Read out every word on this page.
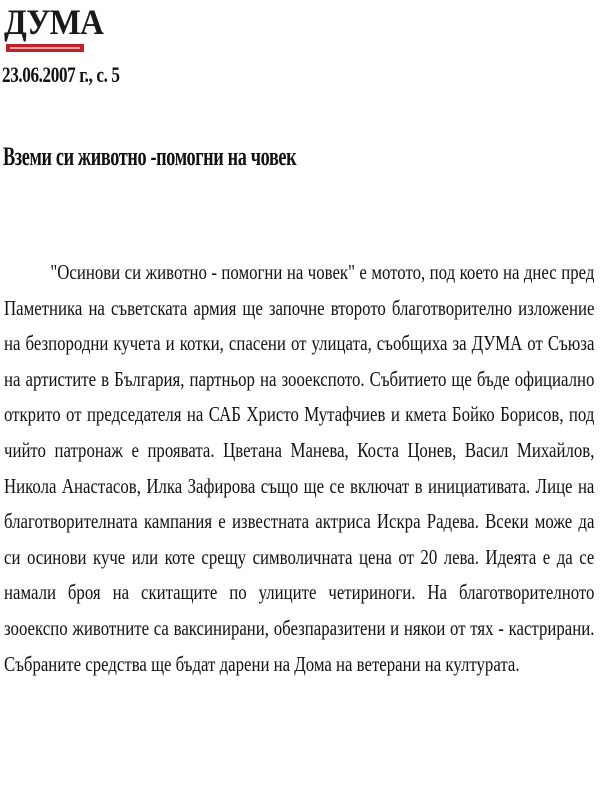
ДУМА
23.06.2007 г., с. 5
Вземи си животно -помогни на човек

"Осинови си животно - помогни на човек" е мотото, под което на днес пред Паметника на съветската армия ще започне второто благотворително изложение на безпородни кучета и котки, спасени от улицата, съобщиха за ДУМА от Съюза на артистите в България, партньор на зооекспото. Събитието ще бъде официално открито от председателя на САБ Христо Мутафчиев и кмета Бойко Борисов, под чийто патронаж е проявата. Цветана Манева, Коста Цонев, Васил Михайлов, Никола Анастасов, Илка Зафирова също ще се включат в инициативата. Лице на благотворителната кампания е известната актриса Искра Радева. Всеки може да си осинови куче или коте срещу символичната цена от 20 лева. Идеята е да се намали броя на скитащите по улиците четириноги. На благотворителното зооекспо животните са ваксинирани, обезпаразитени и някои от тях - кастрирани. Събраните средства ще бъдат дарени на Дома на ветерани на културата.
